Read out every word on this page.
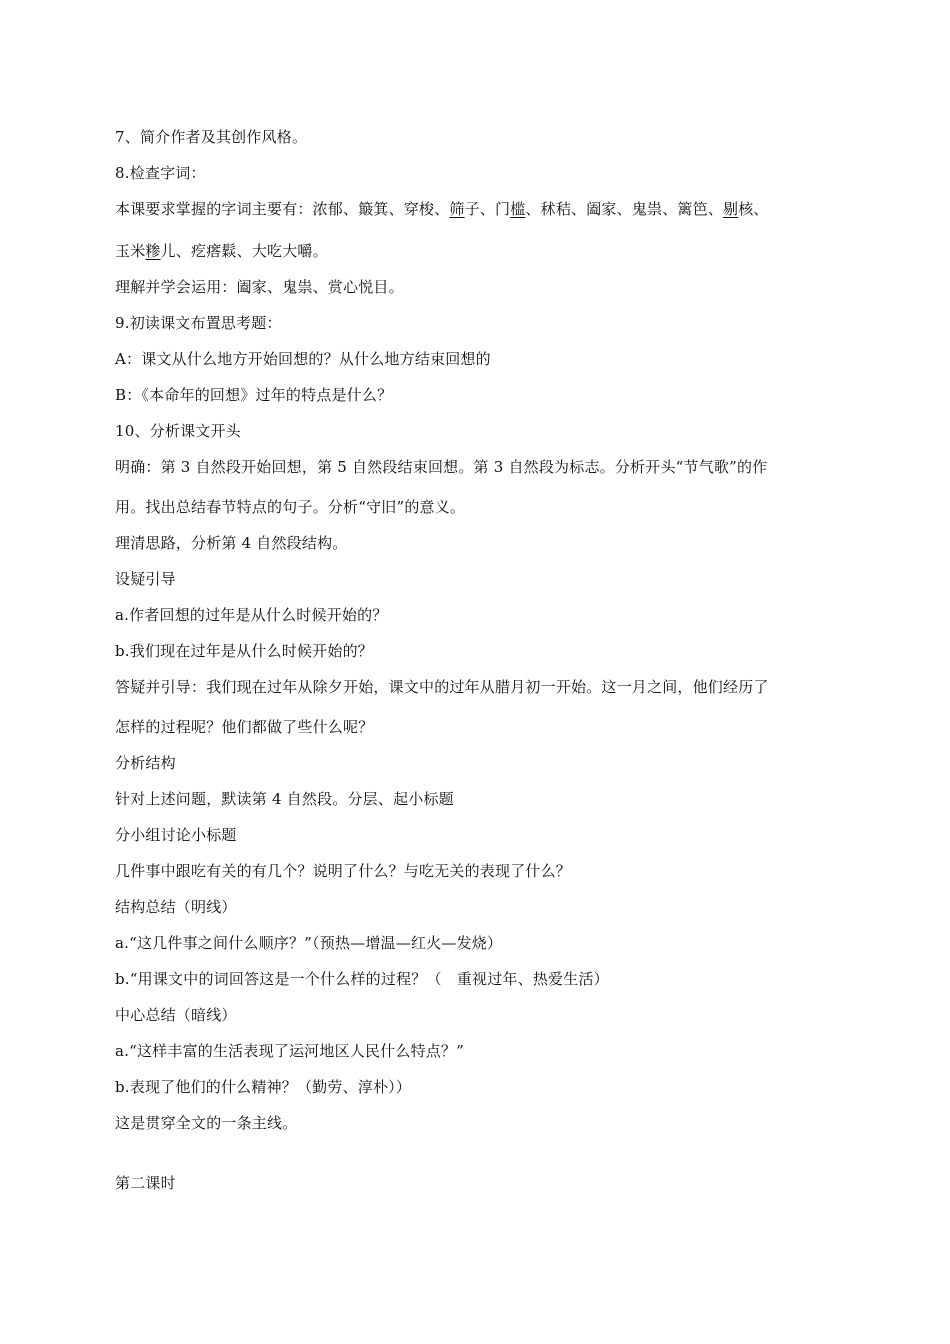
7、简介作者及其创作风格。
8.检查字词：
本课要求掌握的字词主要有：浓郁、簸箕、穿梭、筛子、门槛、秫秸、阖家、鬼祟、篱笆、剔核、
玉米糁儿、疙瘩鬏、大吃大嚼。
理解并学会运用：阖家、鬼祟、赏心悦目。
9.初读课文布置思考题：
A：课文从什么地方开始回想的？从什么地方结束回想的
B：《本命年的回想》过年的特点是什么？
10、分析课文开头
明确：第 3 自然段开始回想，第 5 自然段结束回想。第 3 自然段为标志。分析开头“节气歌”的作
用。找出总结春节特点的句子。分析“守旧”的意义。
理清思路，分析第 4 自然段结构。
设疑引导
a.作者回想的过年是从什么时候开始的？
b.我们现在过年是从什么时候开始的？
答疑并引导：我们现在过年从除夕开始，课文中的过年从腊月初一开始。这一月之间，他们经历了
怎样的过程呢？他们都做了些什么呢？
分析结构
针对上述问题，默读第 4 自然段。分层、起小标题
分小组讨论小标题
几件事中跟吃有关的有几个？说明了什么？与吃无关的表现了什么？
结构总结（明线）
a.“这几件事之间什么顺序？”（预热—增温—红火—发烧）
b.“用课文中的词回答这是一个什么样的过程？（　重视过年、热爱生活）
中心总结（暗线）
a.“这样丰富的生活表现了运河地区人民什么特点？”
b.表现了他们的什么精神？（勤劳、淳朴））
这是贯穿全文的一条主线。
第二课时
